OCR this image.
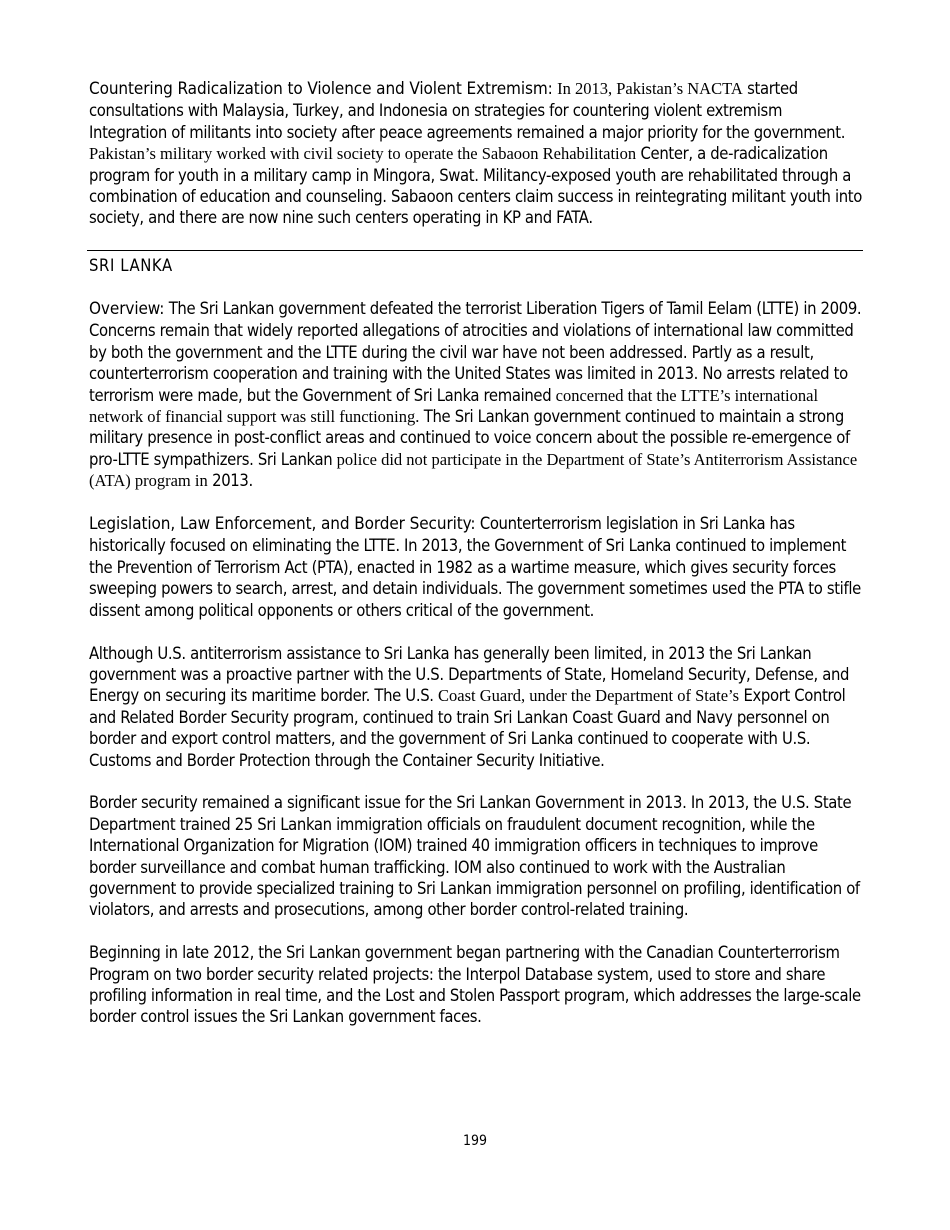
Countering Radicalization to Violence and Violent Extremism: In 2013, Pakistan’s NACTA started consultations with Malaysia, Turkey, and Indonesia on strategies for countering violent extremism Integration of militants into society after peace agreements remained a major priority for the government. Pakistan’s military worked with civil society to operate the Sabaoon Rehabilitation Center, a de-radicalization program for youth in a military camp in Mingora, Swat. Militancy-exposed youth are rehabilitated through a combination of education and counseling. Sabaoon centers claim success in reintegrating militant youth into society, and there are now nine such centers operating in KP and FATA.

SRI LANKA

Overview: The Sri Lankan government defeated the terrorist Liberation Tigers of Tamil Eelam (LTTE) in 2009. Concerns remain that widely reported allegations of atrocities and violations of international law committed by both the government and the LTTE during the civil war have not been addressed. Partly as a result, counterterrorism cooperation and training with the United States was limited in 2013. No arrests related to terrorism were made, but the Government of Sri Lanka remained concerned that the LTTE’s international network of financial support was still functioning. The Sri Lankan government continued to maintain a strong military presence in post-conflict areas and continued to voice concern about the possible re-emergence of pro-LTTE sympathizers. Sri Lankan police did not participate in the Department of State’s Antiterrorism Assistance (ATA) program in 2013.

Legislation, Law Enforcement, and Border Security: Counterterrorism legislation in Sri Lanka has historically focused on eliminating the LTTE. In 2013, the Government of Sri Lanka continued to implement the Prevention of Terrorism Act (PTA), enacted in 1982 as a wartime measure, which gives security forces sweeping powers to search, arrest, and detain individuals. The government sometimes used the PTA to stifle dissent among political opponents or others critical of the government.

Although U.S. antiterrorism assistance to Sri Lanka has generally been limited, in 2013 the Sri Lankan government was a proactive partner with the U.S. Departments of State, Homeland Security, Defense, and Energy on securing its maritime border. The U.S. Coast Guard, under the Department of State’s Export Control and Related Border Security program, continued to train Sri Lankan Coast Guard and Navy personnel on border and export control matters, and the government of Sri Lanka continued to cooperate with U.S. Customs and Border Protection through the Container Security Initiative.

Border security remained a significant issue for the Sri Lankan Government in 2013. In 2013, the U.S. State Department trained 25 Sri Lankan immigration officials on fraudulent document recognition, while the International Organization for Migration (IOM) trained 40 immigration officers in techniques to improve border surveillance and combat human trafficking. IOM also continued to work with the Australian government to provide specialized training to Sri Lankan immigration personnel on profiling, identification of violators, and arrests and prosecutions, among other border control-related training.

Beginning in late 2012, the Sri Lankan government began partnering with the Canadian Counterterrorism Program on two border security related projects: the Interpol Database system, used to store and share profiling information in real time, and the Lost and Stolen Passport program, which addresses the large-scale border control issues the Sri Lankan government faces.

199
